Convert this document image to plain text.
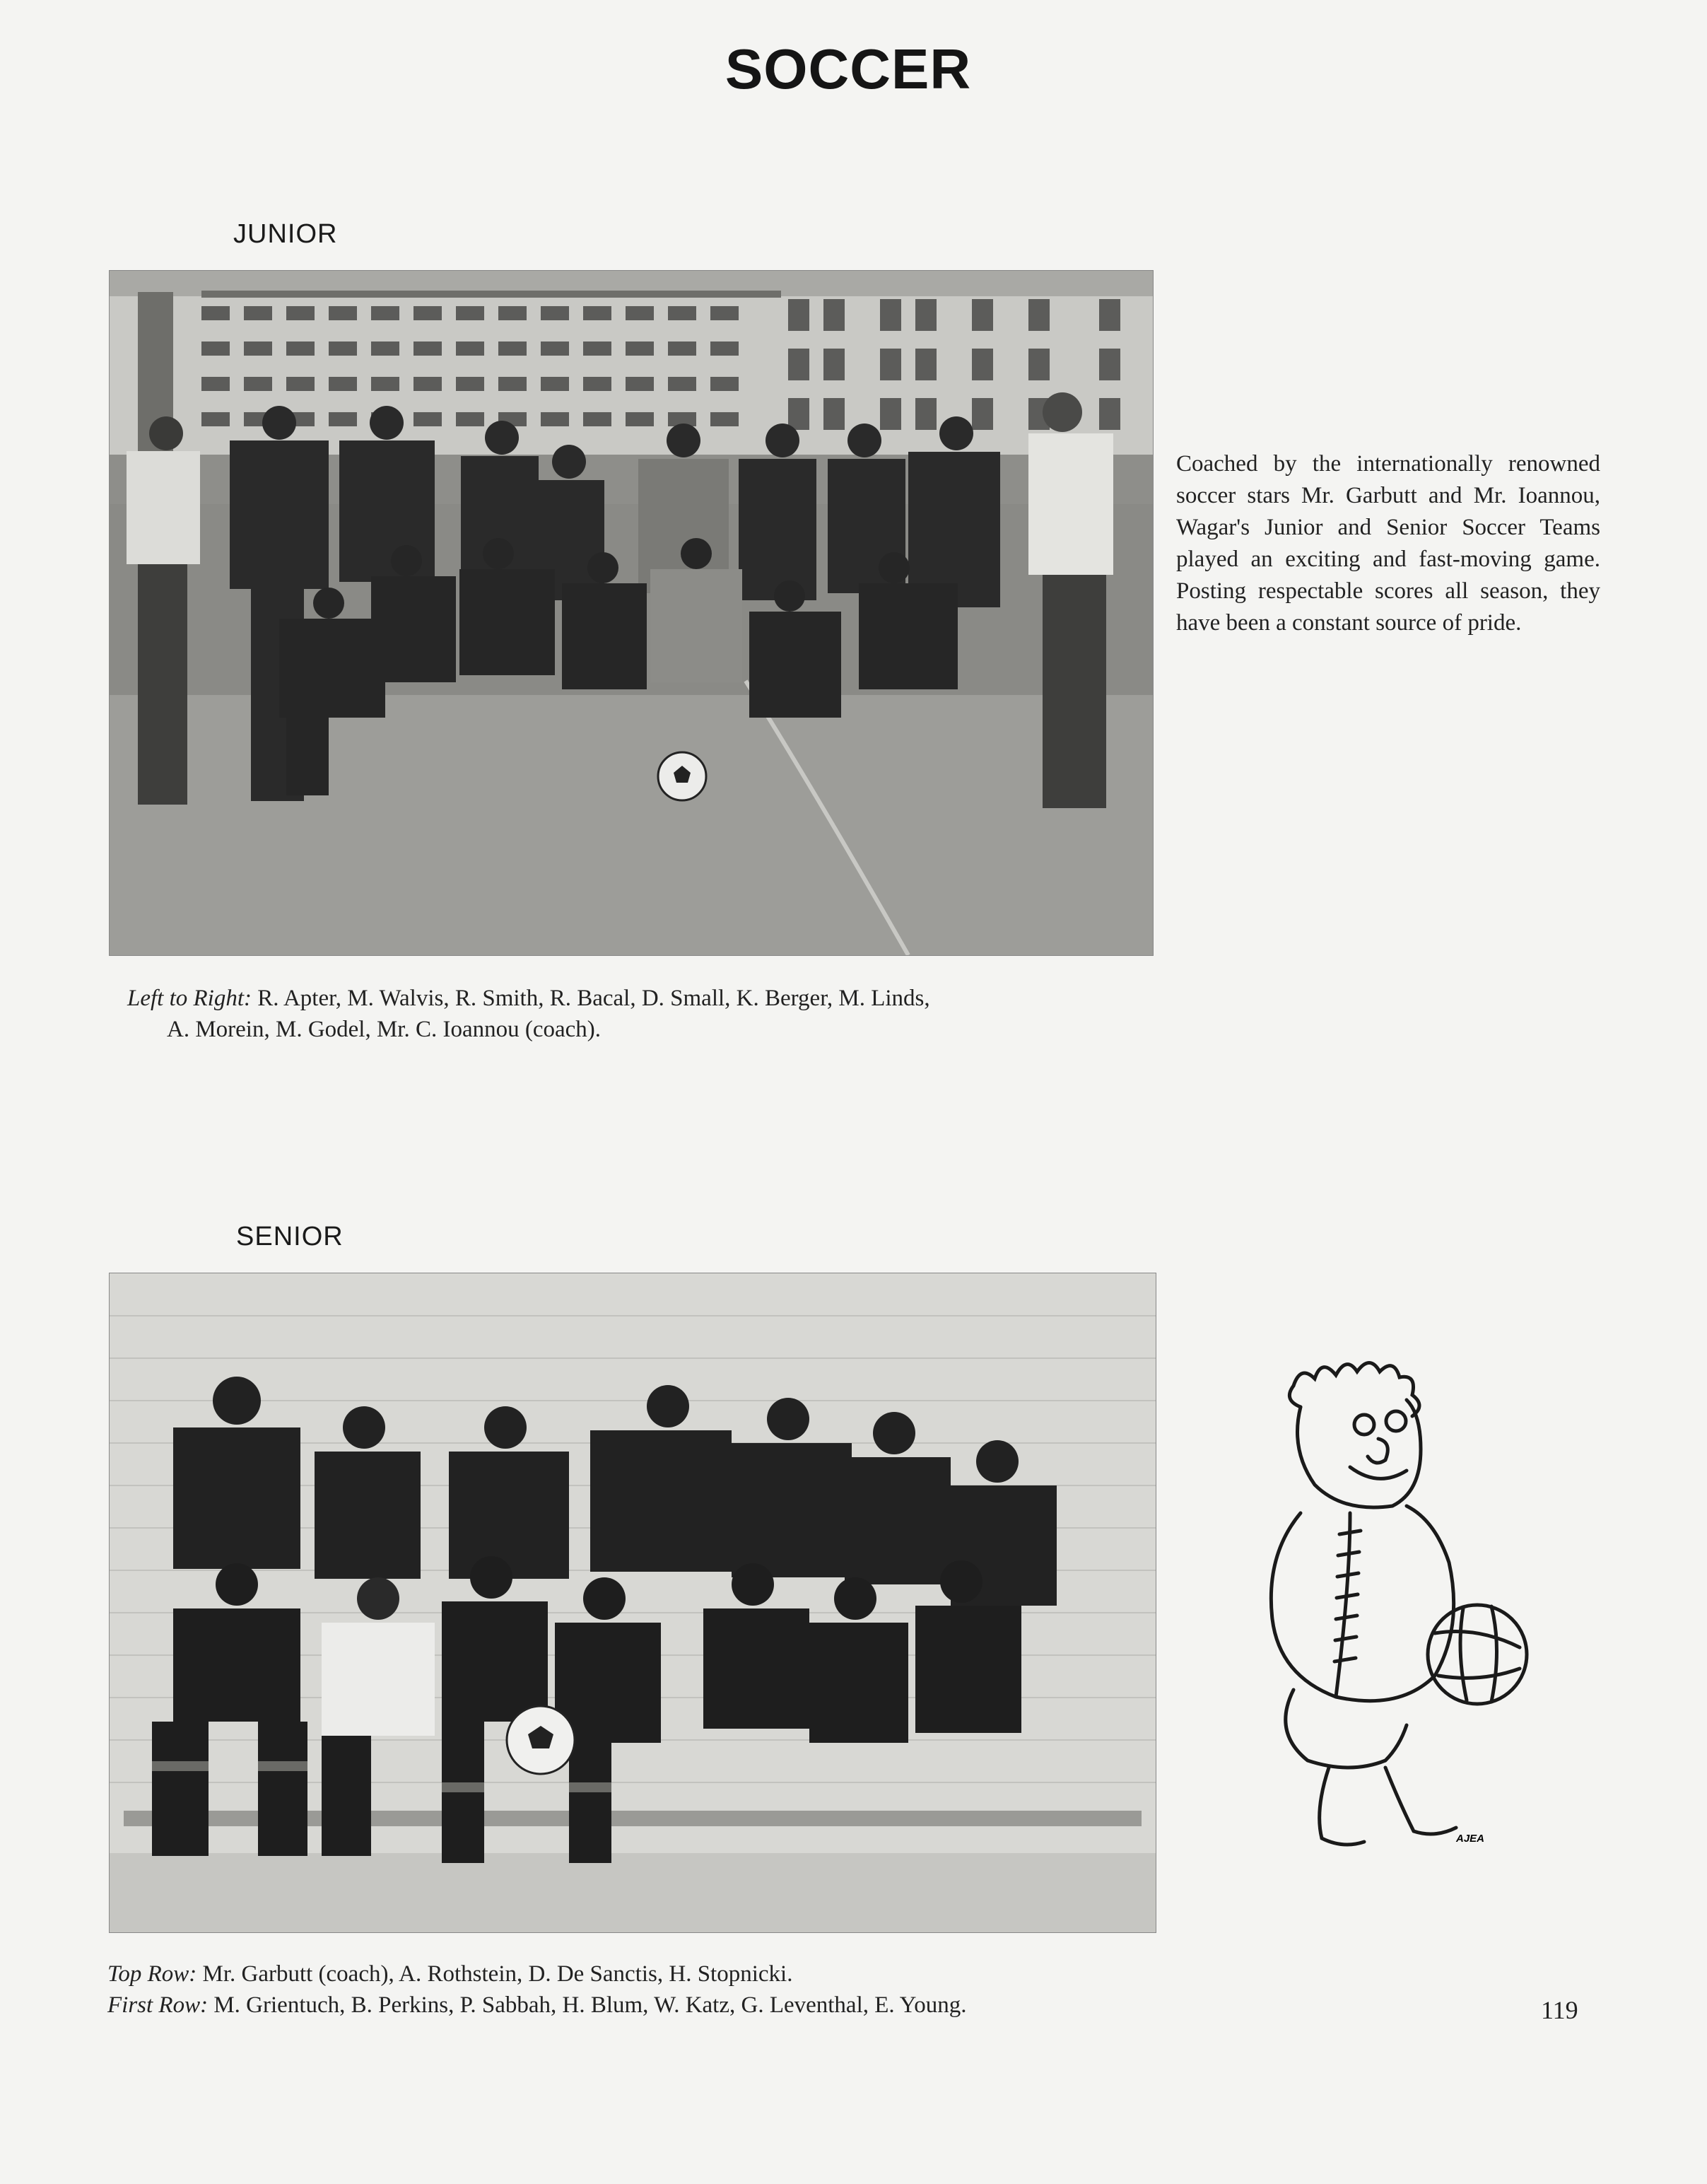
SOCCER
JUNIOR
Left to Right: R. Apter, M. Walvis, R. Smith, R. Bacal, D. Small, K. Berger, M. Linds,
A. Morein, M. Godel, Mr. C. Ioannou (coach).
Coached by the internationally renowned soccer stars Mr. Garbutt and Mr. Ioannou, Wagar's Junior and Senior Soccer Teams played an exciting and fast-moving game. Posting respectable scores all season, they have been a constant source of pride.
SENIOR
Top Row: Mr. Garbutt (coach), A. Rothstein, D. De Sanctis, H. Stopnicki.
First Row: M. Grientuch, B. Perkins, P. Sabbah, H. Blum, W. Katz, G. Leventhal, E. Young.
AJEA
119
